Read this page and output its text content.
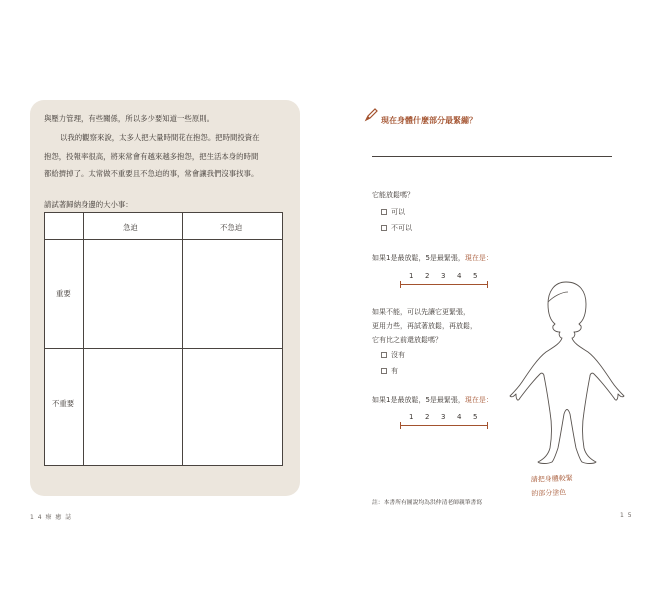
與壓力管理，有些關係，所以多少要知道一些原則。
以我的觀察來說，太多人把大量時間花在抱怨。把時間投資在
抱怨，投報率很高，將來常會有越來越多抱怨，把生活本身的時間
都給擠掉了。太常做不重要且不急迫的事，常會讓我們沒事找事。
請試著歸納身邊的大小事：
急迫	不急迫
重要
不重要
1 4 療 癒 誌
現在身體什麼部分最緊繃？
它能放鬆嗎？
可以
不可以
如果1是最放鬆，5是最緊張，現在是：
1 2 3 4 5
如果不能，可以先讓它更緊張，
更用力些，再試著放鬆，再放鬆，
它有比之前還放鬆嗎？
沒有
有
如果1是最放鬆，5是最緊張，現在是：
1 2 3 4 5
請把身體較緊
的部分塗色
註：本書所有圖說均為洪仲清老師親筆書寫
1 5
